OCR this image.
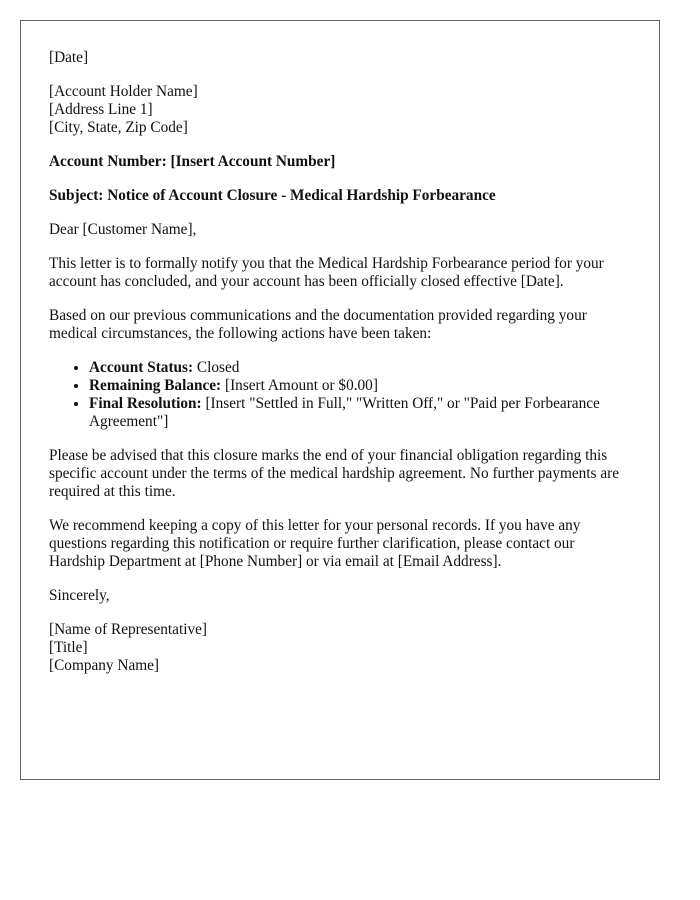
[Date]

[Account Holder Name]
[Address Line 1]
[City, State, Zip Code]

Account Number: [Insert Account Number]

Subject: Notice of Account Closure - Medical Hardship Forbearance

Dear [Customer Name],

This letter is to formally notify you that the Medical Hardship Forbearance period for your account has concluded, and your account has been officially closed effective [Date].

Based on our previous communications and the documentation provided regarding your medical circumstances, the following actions have been taken:

• Account Status: Closed
• Remaining Balance: [Insert Amount or $0.00]
• Final Resolution: [Insert "Settled in Full," "Written Off," or "Paid per Forbearance Agreement"]

Please be advised that this closure marks the end of your financial obligation regarding this specific account under the terms of the medical hardship agreement. No further payments are required at this time.

We recommend keeping a copy of this letter for your personal records. If you have any questions regarding this notification or require further clarification, please contact our Hardship Department at [Phone Number] or via email at [Email Address].

Sincerely,

[Name of Representative]
[Title]
[Company Name]
